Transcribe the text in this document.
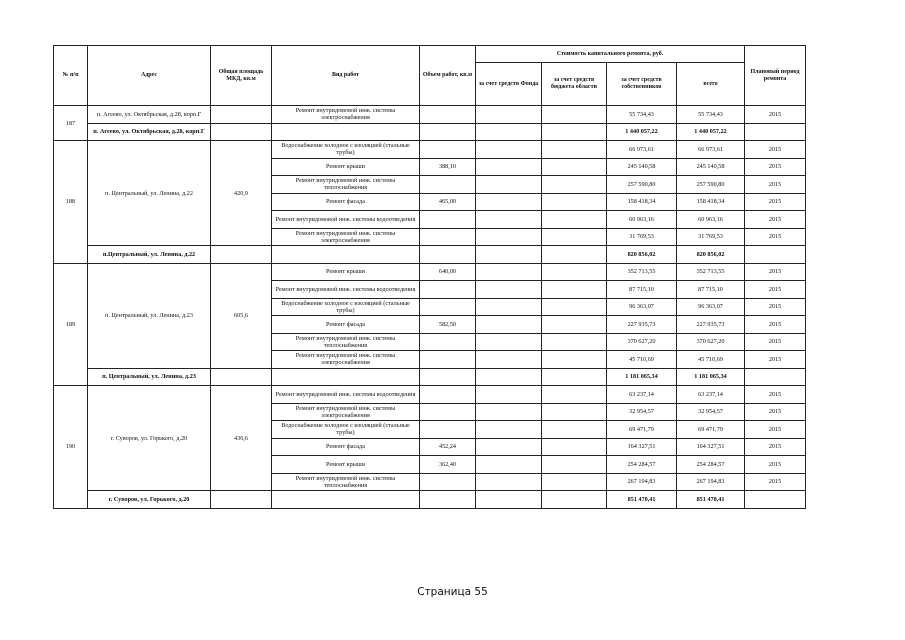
№ п/п	Адрес	Общая площадь МКД, кв.м	Вид работ	Объем работ, кв.м	Стоимость капитального ремонта, руб.				Плановый период ремонта
					за счет средств Фонда	за счет средств бюджета области	за счет средств собственников	всего	
187	п. Агеево, ул. Октябрьская, д.28, корп.Г		Ремонт внутридомовой инж. системы электроснабжения				55 734,43	55 734,43	2015
	п. Агеево, ул. Октябрьская, д.28, корп.Г						1 440 057,22	1 440 057,22	
188	п. Центральный, ул. Ленина, д.22	420,9	Водоснабжение холодное с изоляцией (стальные трубы)				66 973,61	66 973,61	2015
			Ремонт крыши	388,10			245 140,58	245 140,58	2015
			Ремонт внутридомовой инж. системы теплоснабжения				257 590,80	257 590,80	2015
			Ремонт фасада	465,00			158 418,34	158 418,34	2015
			Ремонт внутридомовой инж. системы водоотведения				60 963,16	60 963,16	2015
			Ремонт внутридомовой инж. системы электроснабжения				31 769,53	31 769,53	2015
	п.Центральный, ул. Ленина, д.22						820 856,02	820 856,02	
189	п. Центральный, ул. Ленина, д.23	605,6	Ремонт крыши	640,00			352 713,55	352 713,55	2015
			Ремонт внутридомовой инж. системы водоотведения				87 715,10	87 715,10	2015
			Водоснабжение холодное с изоляцией (стальные трубы)				96 363,07	96 363,07	2015
			Ремонт фасада	582,50			227 935,73	227 935,73	2015
			Ремонт внутридомовой инж. системы теплоснабжения				370 627,20	370 627,20	2015
			Ремонт внутридомовой инж. системы электроснабжения				45 710,69	45 710,69	2015
	п. Центральный, ул. Ленина, д.23						1 181 065,34	1 181 065,34	
190	г. Суворов, ул. Горького, д.20	436,6	Ремонт внутридомовой инж. системы водоотведения				63 237,14	63 237,14	2015
			Ремонт внутридомовой инж. системы электроснабжения				32 954,57	32 954,57	2015
			Водоснабжение холодное с изоляцией (стальные трубы)				69 471,79	69 471,79	2015
			Ремонт фасада	452,24			164 327,51	164 327,51	2015
			Ремонт крыши	362,40			254 284,57	254 284,57	2015
			Ремонт внутридомовой инж. системы теплоснабжения				267 194,83	267 194,83	2015
	г. Суворов, ул. Горького, д.20						851 470,41	851 470,41	
Страница 55
